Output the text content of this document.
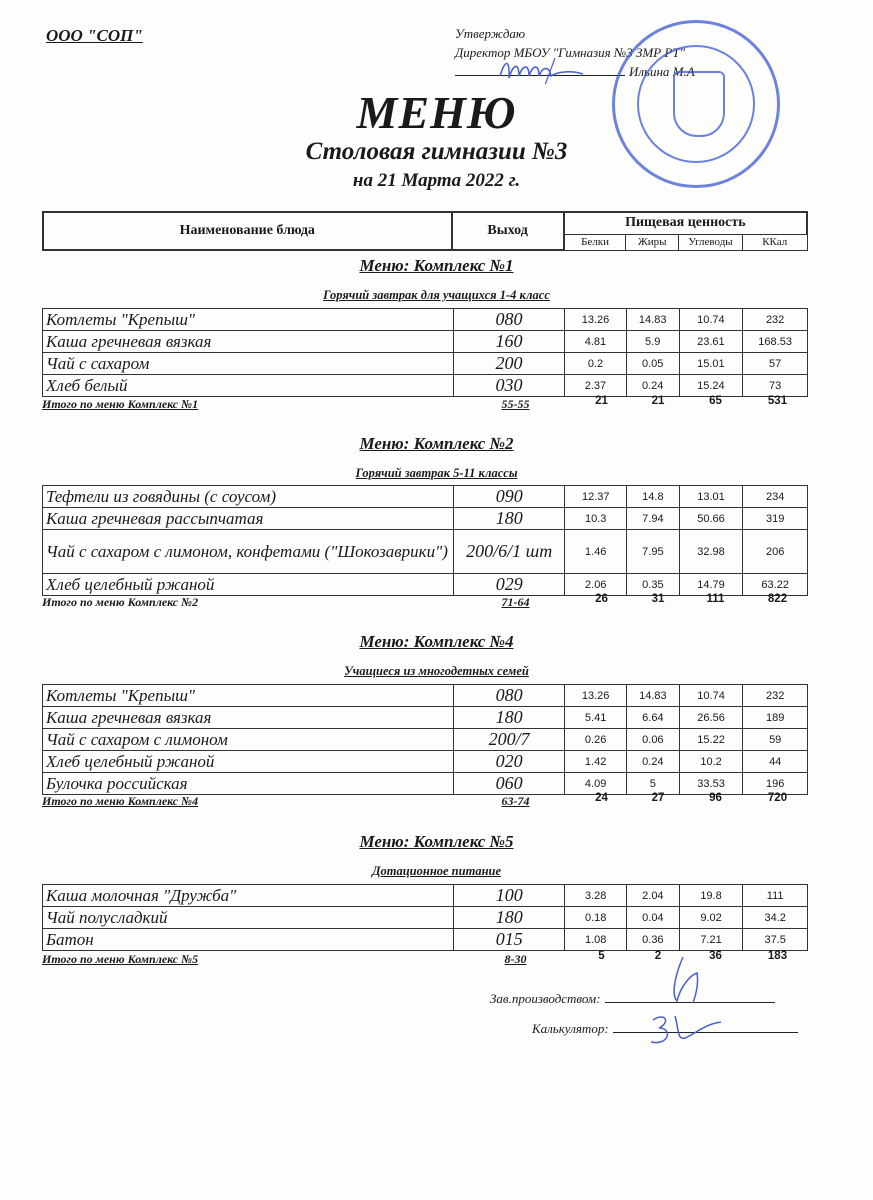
ООО "СОП"	Утверждаю
Директор МБОУ "Гимназия №3 ЗМР РТ"
Ильина М.А
МЕНЮ
Столовая гимназии №3
на 21 Марта 2022 г.
Наименование блюда	Выход	Пищевая ценность			
		Белки	Жиры	Углеводы	ККал
Меню: Комплекс №1
Горячий завтрак для учащихся 1-4 класс
Котлеты "Крепыш"	080	13.26	14.83	10.74	232
Каша гречневая вязкая	160	4.81	5.9	23.61	168.53
Чай с сахаром	200	0.2	0.05	15.01	57
Хлеб белый	030	2.37	0.24	15.24	73
Итого по меню Комплекс №1	55-55	21	21	65	531
Меню: Комплекс №2
Горячий завтрак 5-11 классы
Тефтели из говядины (с соусом)	090	12.37	14.8	13.01	234
Каша гречневая рассыпчатая	180	10.3	7.94	50.66	319
Чай с сахаром с лимоном, конфетами ("Шокозаврики")	200/6/1 шт	1.46	7.95	32.98	206
Хлеб целебный ржаной	029	2.06	0.35	14.79	63.22
Итого по меню Комплекс №2	71-64	26	31	111	822
Меню: Комплекс №4
Учащиеся из многодетных семей
Котлеты "Крепыш"	080	13.26	14.83	10.74	232
Каша гречневая вязкая	180	5.41	6.64	26.56	189
Чай с сахаром с лимоном	200/7	0.26	0.06	15.22	59
Хлеб целебный ржаной	020	1.42	0.24	10.2	44
Булочка российская	060	4.09	5	33.53	196
Итого по меню Комплекс №4	63-74	24	27	96	720
Меню: Комплекс №5
Дотационное питание
Каша молочная "Дружба"	100	3.28	2.04	19.8	111
Чай полусладкий	180	0.18	0.04	9.02	34.2
Батон	015	1.08	0.36	7.21	37.5
Итого по меню Комплекс №5	8-30	5	2	36	183
Зав.производством:
Калькулятор:
